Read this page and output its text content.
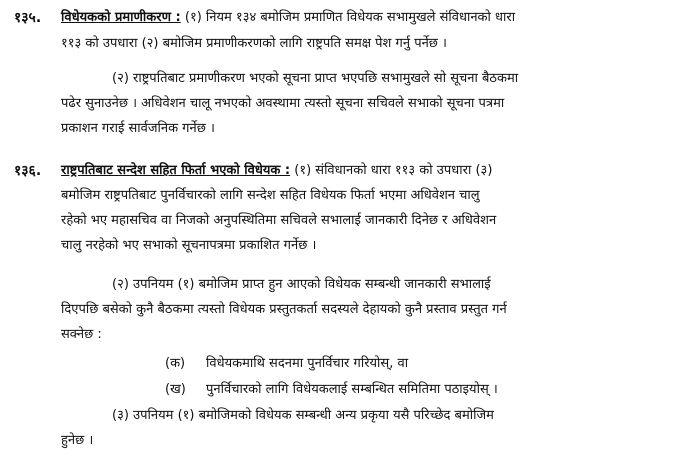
१३५. विधेयकको प्रमाणीकरण : (१) नियम १३४ बमोजिम प्रमाणित विधेयक सभामुखले संविधानको धारा
११३ को उपधारा (२) बमोजिम प्रमाणीकरणको लागि राष्ट्रपति समक्ष पेश गर्नु पर्नेछ ।
(२) राष्ट्रपतिबाट प्रमाणीकरण भएको सूचना प्राप्त भएपछि सभामुखले सो सूचना बैठकमा
पढेर सुनाउनेछ । अधिवेशन चालू नभएको अवस्थामा त्यस्तो सूचना सचिवले सभाको सूचना पत्रमा
प्रकाशन गराई सार्वजनिक गर्नेछ ।
१३६. राष्ट्रपतिबाट सन्देश सहित फिर्ता भएको विधेयक : (१) संविधानको धारा ११३ को उपधारा (३)
बमोजिम राष्ट्रपतिबाट पुनर्विचारको लागि सन्देश सहित विधेयक फिर्ता भएमा अधिवेशन चालु
रहेको भए महासचिव वा निजको अनुपस्थितिमा सचिवले सभालाई जानकारी दिनेछ र अधिवेशन
चालु नरहेको भए सभाको सूचनापत्रमा प्रकाशित गर्नेछ ।
(२) उपनियम (१) बमोजिम प्राप्त हुन आएको विधेयक सम्बन्धी जानकारी सभालाई
दिएपछि बसेको कुनै बैठकमा त्यस्तो विधेयक प्रस्तुतकर्ता सदस्यले देहायको कुनै प्रस्ताव प्रस्तुत गर्न
सक्नेछ :
(क) विधेयकमाथि सदनमा पुनर्विचार गरियोस्, वा
(ख) पुनर्विचारको लागि विधेयकलाई सम्बन्धित समितिमा पठाइयोस् ।
(३) उपनियम (१) बमोजिमको विधेयक सम्बन्धी अन्य प्रकृया यसै परिच्छेद बमोजिम
हुनेछ ।
